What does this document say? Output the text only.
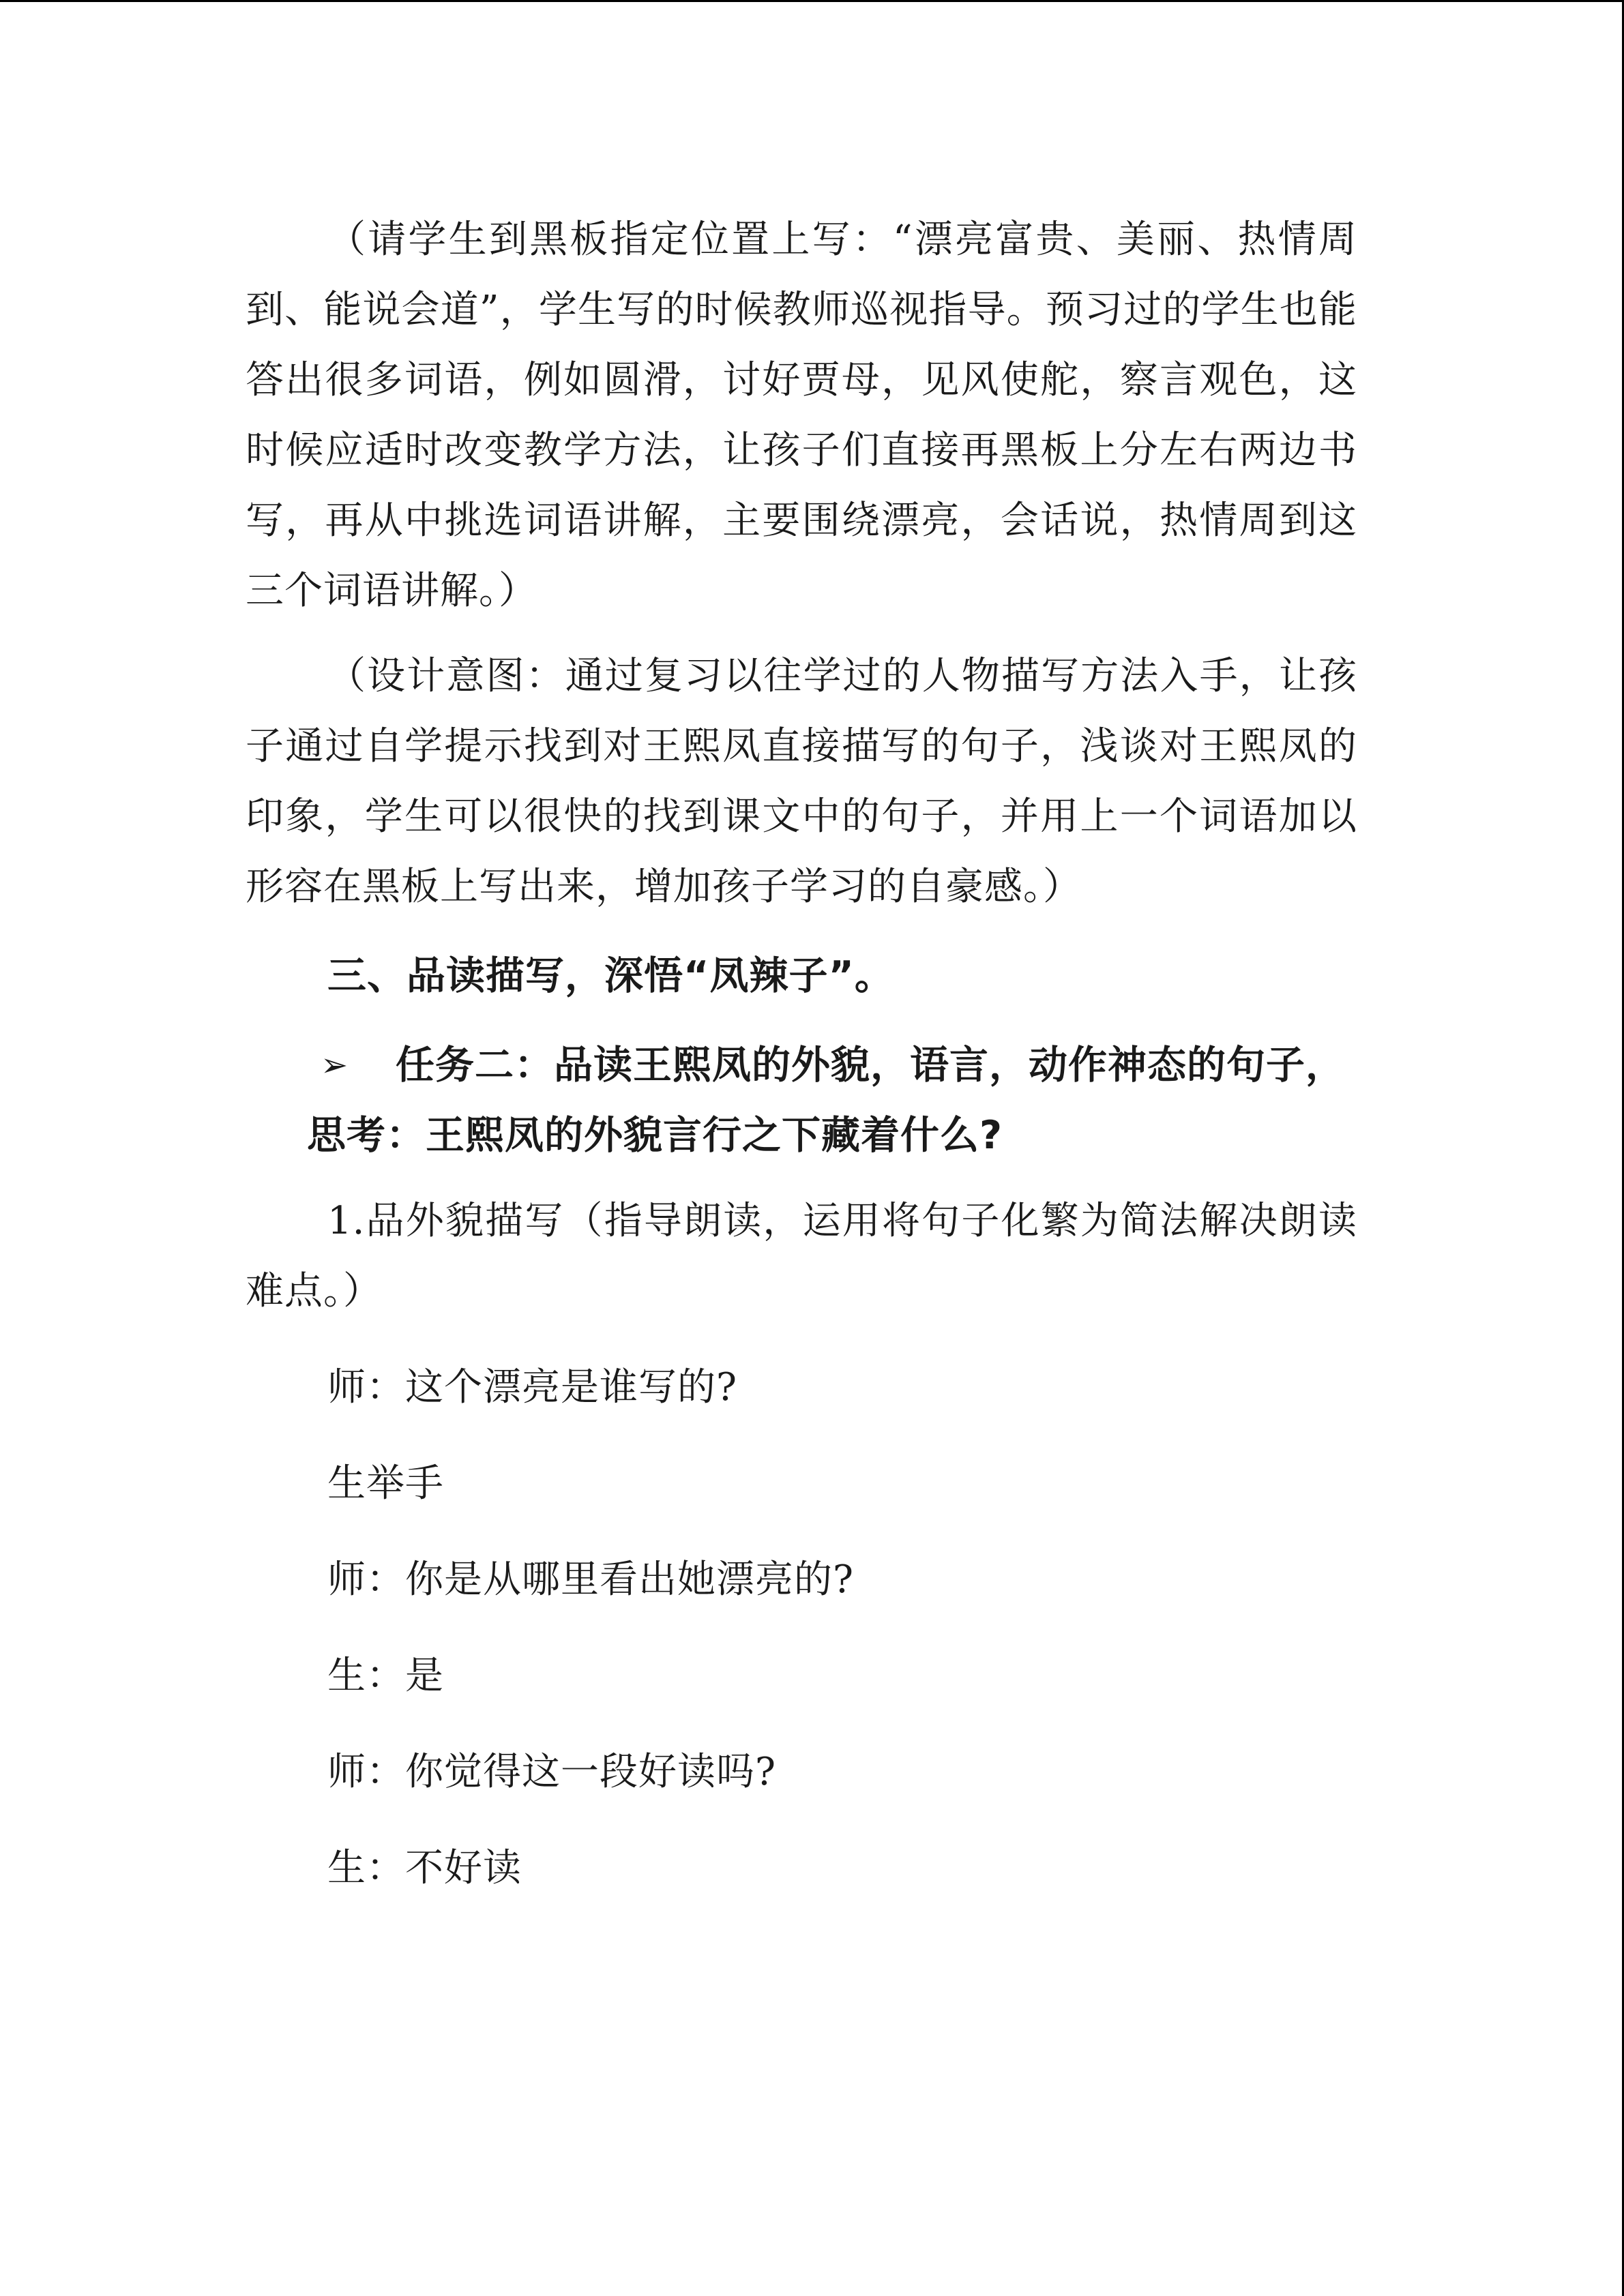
（请学生到黑板指定位置上写：“漂亮富贵、美丽、热情周到、能说会道”，学生写的时候教师巡视指导。预习过的学生也能答出很多词语，例如圆滑，讨好贾母，见风使舵，察言观色，这时候应适时改变教学方法，让孩子们直接再黑板上分左右两边书写，再从中挑选词语讲解，主要围绕漂亮，会话说，热情周到这三个词语讲解。）

（设计意图：通过复习以往学过的人物描写方法入手，让孩子通过自学提示找到对王熙凤直接描写的句子，浅谈对王熙凤的印象，学生可以很快的找到课文中的句子，并用上一个词语加以形容在黑板上写出来，增加孩子学习的自豪感。）

三、品读描写，深悟“凤辣子”。

➢	任务二：品读王熙凤的外貌，语言，动作神态的句子，思考：王熙凤的外貌言行之下藏着什么?

1.品外貌描写（指导朗读，运用将句子化繁为简法解决朗读难点。）

师：这个漂亮是谁写的?

生举手

师：你是从哪里看出她漂亮的?

生：是

师：你觉得这一段好读吗?

生：不好读
